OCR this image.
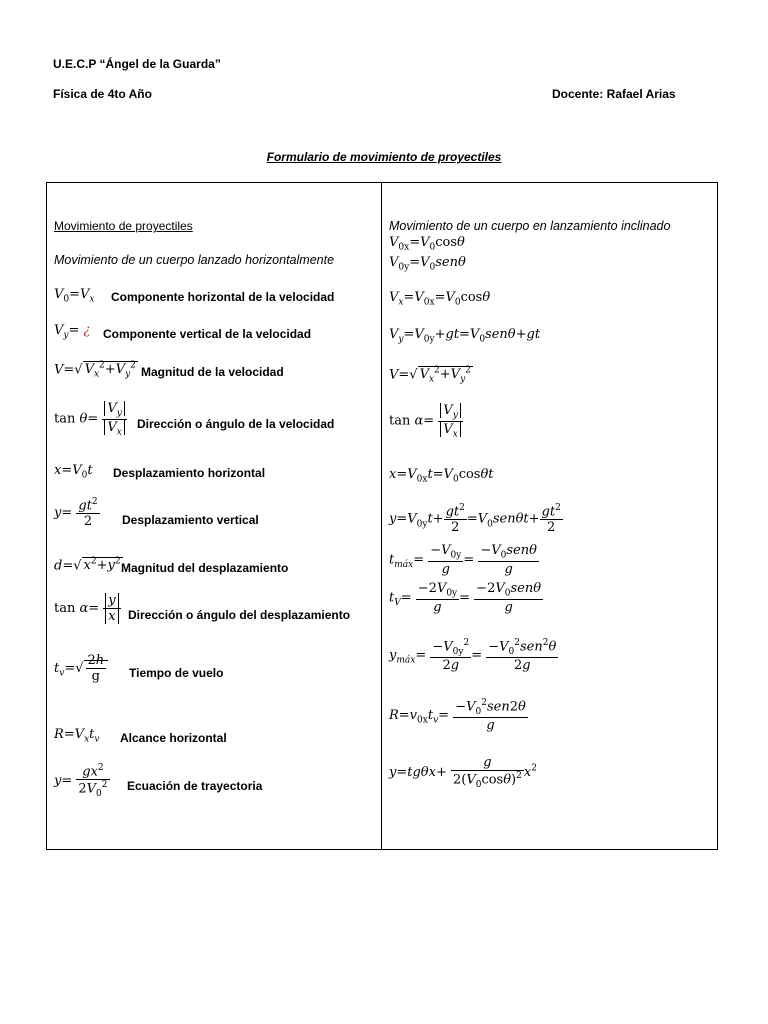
U.E.C.P “Ángel de la Guarda”
Física de 4to Año	Docente: Rafael Arias
Formulario de movimiento de proyectiles
Movimiento de proyectiles
Movimiento de un cuerpo lanzado horizontalmente
$V_0=V_x$ Componente horizontal de la velocidad
$V_y=$ ¿ Componente vertical de la velocidad
V=√ $V_x^2+V_y^2$ Magnitud de la velocidad
$\tan \theta= \frac{V_y}{V_x}$ Dirección o ángulo de la velocidad
$x=V_0t$ Desplazamiento horizontal
$y= \frac{gt^2}{2}$ Desplazamiento vertical
d=√ $x^2+y^2$ Magnitud del desplazamiento
$\tan \alpha= \frac{y}{x}$ Dirección o ángulo del desplazamiento
$t_v=√ \frac{2h}{g}$ Tiempo de vuelo
$R=V_xt_v$ Alcance horizontal
$y= \frac{gx^2}{2V_0^2}$ Ecuación de trayectoria
Movimiento de un cuerpo en lanzamiento inclinado
$V_{0x}=V_0\cos\theta$
$V_{0y}=V_0sen\theta$
$V_x=V_{0x}=V_0\cos\theta$
$V_y=V_{0y}+gt=V_0sen\theta+gt$
V=√ $V_x^2+V_y^2$
$\tan \alpha= \frac{V_y}{V_x}$
$x=V_{0x}t=V_0\cos\theta t$
$y=V_{0y}t+ \frac{gt^2}{2} =V_0sen\theta t+ \frac{gt^2}{2}$
$t_{máx}= \frac{-V_{0y}}{g} = \frac{-V_0sen\theta}{g}$
$t_V= \frac{-2V_{0y}}{g} = \frac{-2V_0sen\theta}{g}$
$y_{máx}= \frac{-V_{0y}^2}{2g} = \frac{-V_0^2sen^2\theta}{2g}$
$R=v_{0x}t_v= \frac{-V_0^2sen2\theta}{g}$
$y=tg\theta x+ \frac{g}{2(V_0\cos\theta)^2} x^2$
